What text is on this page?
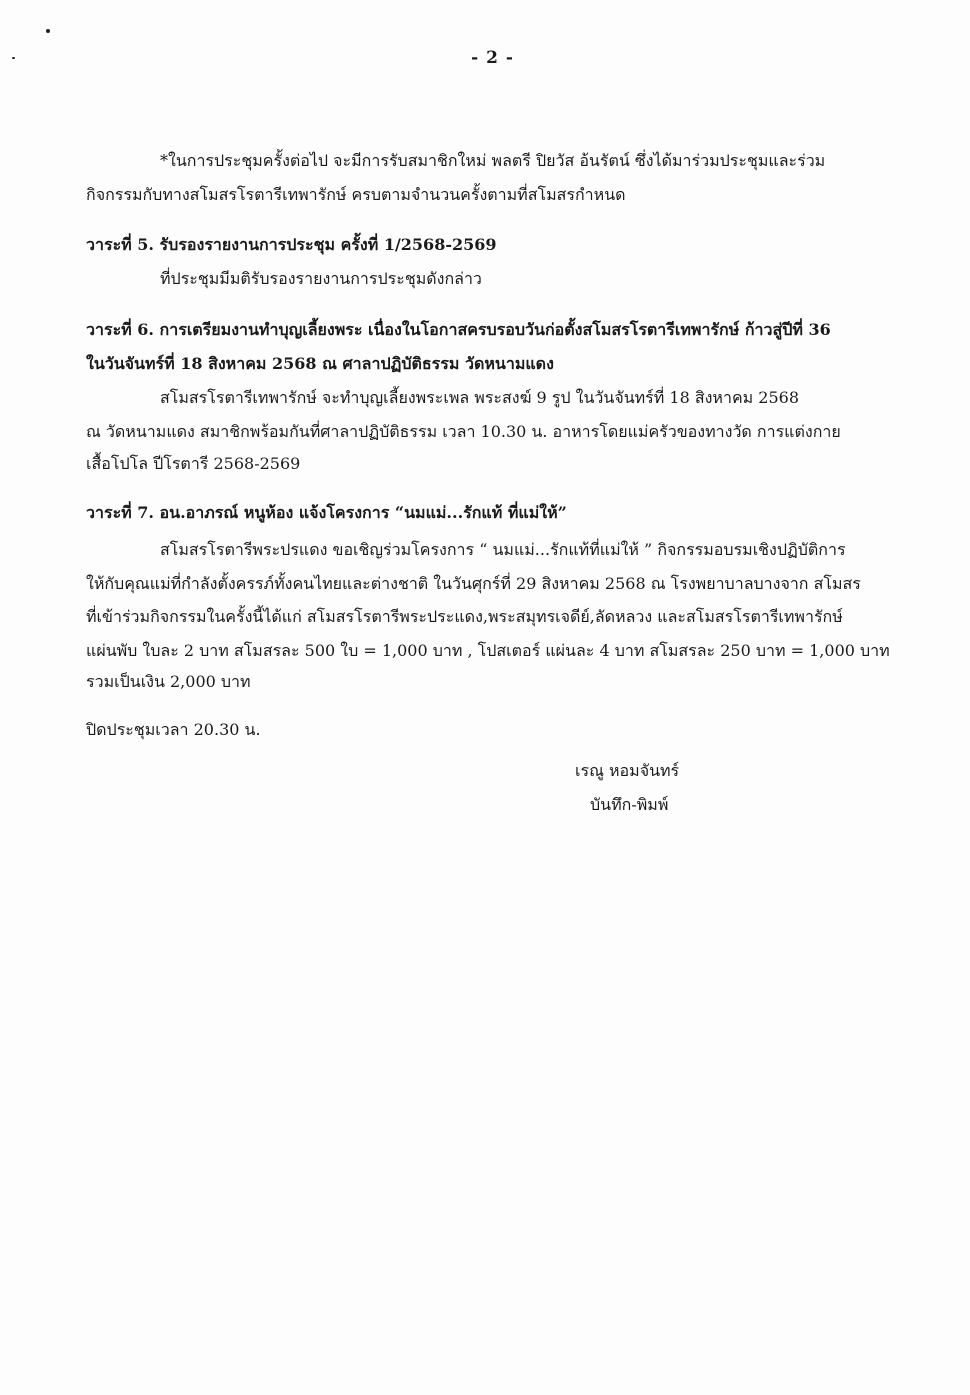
- 2 -
*ในการประชุมครั้งต่อไป จะมีการรับสมาชิกใหม่ พลตรี ปิยวัส อ้นรัตน์ ซึ่งได้มาร่วมประชุมและร่วม
กิจกรรมกับทางสโมสรโรตารีเทพารักษ์ ครบตามจำนวนครั้งตามที่สโมสรกำหนด
วาระที่ 5. รับรองรายงานการประชุม ครั้งที่ 1/2568-2569
ที่ประชุมมีมติรับรองรายงานการประชุมดังกล่าว
วาระที่ 6. การเตรียมงานทำบุญเลี้ยงพระ เนื่องในโอกาสครบรอบวันก่อตั้งสโมสรโรตารีเทพารักษ์ ก้าวสู่ปีที่ 36
ในวันจันทร์ที่ 18 สิงหาคม 2568 ณ ศาลาปฏิบัติธรรม วัดหนามแดง
สโมสรโรตารีเทพารักษ์ จะทำบุญเลี้ยงพระเพล พระสงฆ์ 9 รูป ในวันจันทร์ที่ 18 สิงหาคม 2568
ณ วัดหนามแดง สมาชิกพร้อมกันที่ศาลาปฏิบัติธรรม เวลา 10.30 น. อาหารโดยแม่ครัวของทางวัด การแต่งกาย
เสื้อโปโล ปีโรตารี 2568-2569
วาระที่ 7. อน.อาภรณ์ หนูห้อง แจ้งโครงการ “นมแม่...รักแท้ ที่แม่ให้”
สโมสรโรตารีพระปรแดง ขอเชิญร่วมโครงการ “ นมแม่...รักแท้ที่แม่ให้ ” กิจกรรมอบรมเชิงปฏิบัติการ
ให้กับคุณแม่ที่กำลังตั้งครรภ์ทั้งคนไทยและต่างชาติ ในวันศุกร์ที่ 29 สิงหาคม 2568 ณ โรงพยาบาลบางจาก สโมสร
ที่เข้าร่วมกิจกรรมในครั้งนี้ได้แก่ สโมสรโรตารีพระประแดง,พระสมุทรเจดีย์,ลัดหลวง และสโมสรโรตารีเทพารักษ์
แผ่นพับ ใบละ 2 บาท สโมสรละ 500 ใบ = 1,000 บาท , โปสเตอร์ แผ่นละ 4 บาท สโมสรละ 250 บาท = 1,000 บาท
รวมเป็นเงิน 2,000 บาท
ปิดประชุมเวลา 20.30 น.
เรณู หอมจันทร์
บันทึก-พิมพ์
